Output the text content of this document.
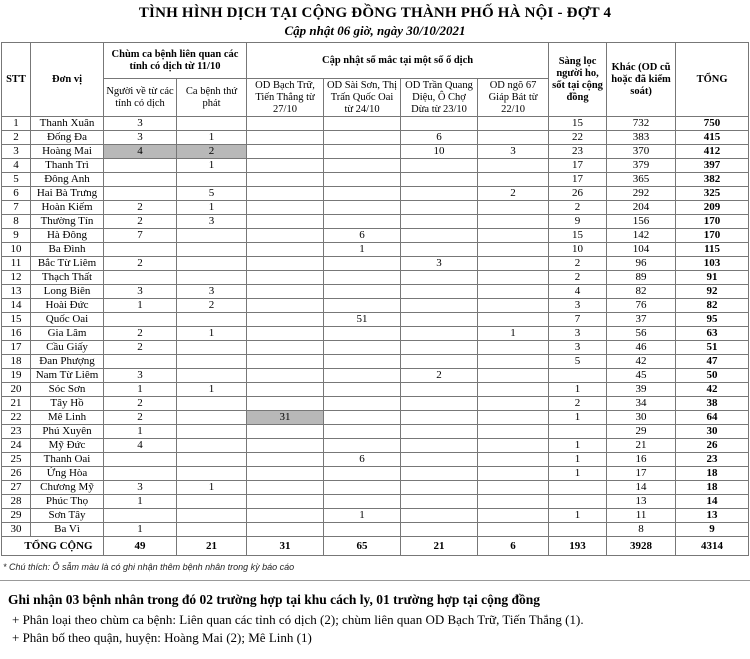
TÌNH HÌNH DỊCH TẠI CỘNG ĐỒNG THÀNH PHỐ HÀ NỘI - ĐỢT 4
Cập nhật 06 giờ, ngày 30/10/2021
STT	Đơn vị	Chùm ca bệnh liên quan các tỉnh có dịch từ 11/10		Cập nhật số mắc tại một số ổ dịch				Sàng lọc người ho, sốt tại cộng đồng	Khác (OD cũ hoặc đã kiểm soát)	TỔNG
		Người về từ các tỉnh có dịch	Ca bệnh thứ phát	OD Bạch Trữ, Tiến Thắng từ 27/10	OD Sài Sơn, Thị Trấn Quốc Oai từ 24/10	OD Trần Quang Diệu, Ô Chợ Dừa từ 23/10	OD ngõ 67 Giáp Bát từ 22/10			
1	Thanh Xuân	3						15	732	750
2	Đống Đa	3	1			6		22	383	415
3	Hoàng Mai	4	2			10	3	23	370	412
4	Thanh Trì		1					17	379	397
5	Đông Anh							17	365	382
6	Hai Bà Trưng		5				2	26	292	325
7	Hoàn Kiếm	2	1					2	204	209
8	Thường Tín	2	3					9	156	170
9	Hà Đông	7			6			15	142	170
10	Ba Đình				1			10	104	115
11	Bắc Từ Liêm	2				3		2	96	103
12	Thạch Thất							2	89	91
13	Long Biên	3	3					4	82	92
14	Hoài Đức	1	2					3	76	82
15	Quốc Oai				51			7	37	95
16	Gia Lâm	2	1				1	3	56	63
17	Cầu Giấy	2						3	46	51
18	Đan Phượng							5	42	47
19	Nam Từ Liêm	3				2			45	50
20	Sóc Sơn	1	1					1	39	42
21	Tây Hồ	2						2	34	38
22	Mê Linh	2		31				1	30	64
23	Phú Xuyên	1							29	30
24	Mỹ Đức	4						1	21	26
25	Thanh Oai				6			1	16	23
26	Ứng Hòa							1	17	18
27	Chương Mỹ	3	1						14	18
28	Phúc Thọ	1							13	14
29	Sơn Tây				1			1	11	13
30	Ba Vì	1							8	9
TỔNG CỘNG		49	21	31	65	21	6	193	3928	4314
* Chú thích: Ô sẫm màu là có ghi nhận thêm bệnh nhân trong kỳ báo cáo
Ghi nhận 03 bệnh nhân trong đó 02 trường hợp tại khu cách ly, 01 trường hợp tại cộng đồng
+ Phân loại theo chùm ca bệnh: Liên quan các tỉnh có dịch (2); chùm liên quan OD Bạch Trữ, Tiến Thắng (1).
+ Phân bố theo quận, huyện: Hoàng Mai (2); Mê Linh (1)
